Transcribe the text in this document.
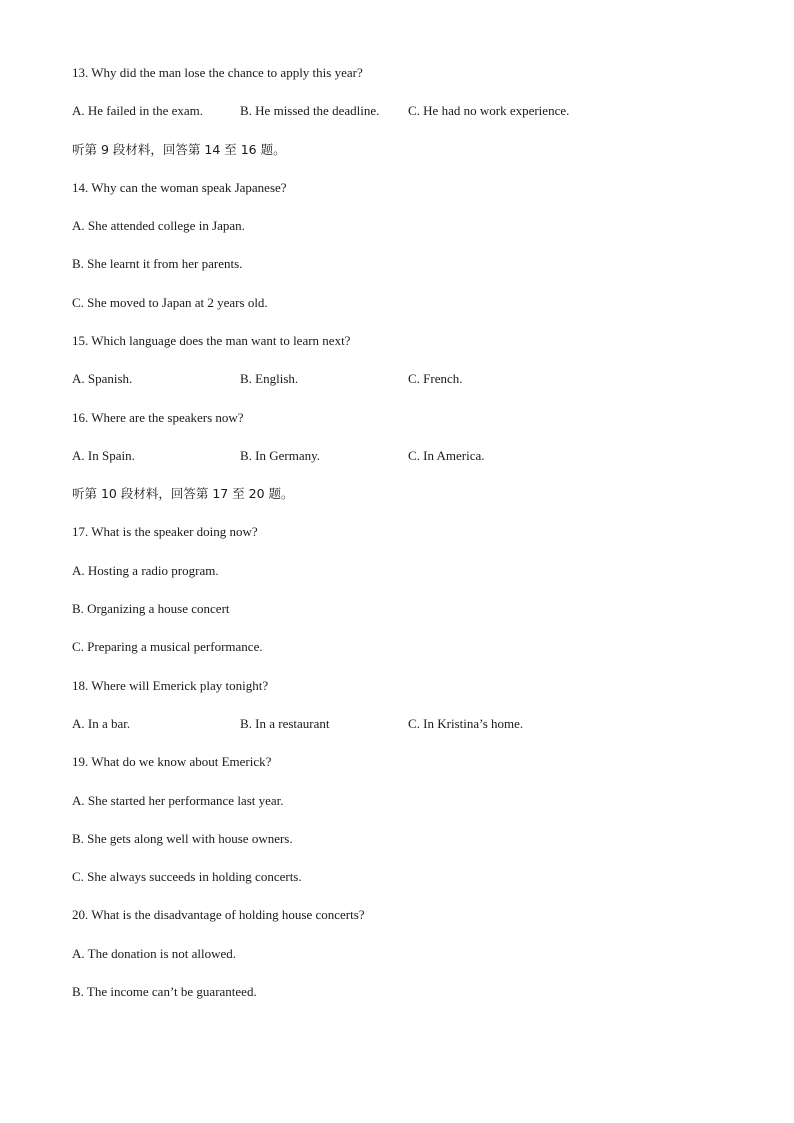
13. Why did the man lose the chance to apply this year?
A. He failed in the exam.	B. He missed the deadline. C. He had no work experience.
听第 9 段材料，回答第 14 至 16 题。
14. Why can the woman speak Japanese?
A. She attended college in Japan.
B. She learnt it from her parents.
C. She moved to Japan at 2 years old.
15. Which language does the man want to learn next?
A. Spanish.	B. English.	C. French.
16. Where are the speakers now?
A. In Spain.	B. In Germany.	C. In America.
听第 10 段材料，回答第 17 至 20 题。
17. What is the speaker doing now?
A. Hosting a radio program.
B. Organizing a house concert
C. Preparing a musical performance.
18. Where will Emerick play tonight?
A. In a bar.	B. In a restaurant	C. In Kristina’s home.
19. What do we know about Emerick?
A. She started her performance last year.
B. She gets along well with house owners.
C. She always succeeds in holding concerts.
20. What is the disadvantage of holding house concerts?
A. The donation is not allowed.
B. The income can’t be guaranteed.
